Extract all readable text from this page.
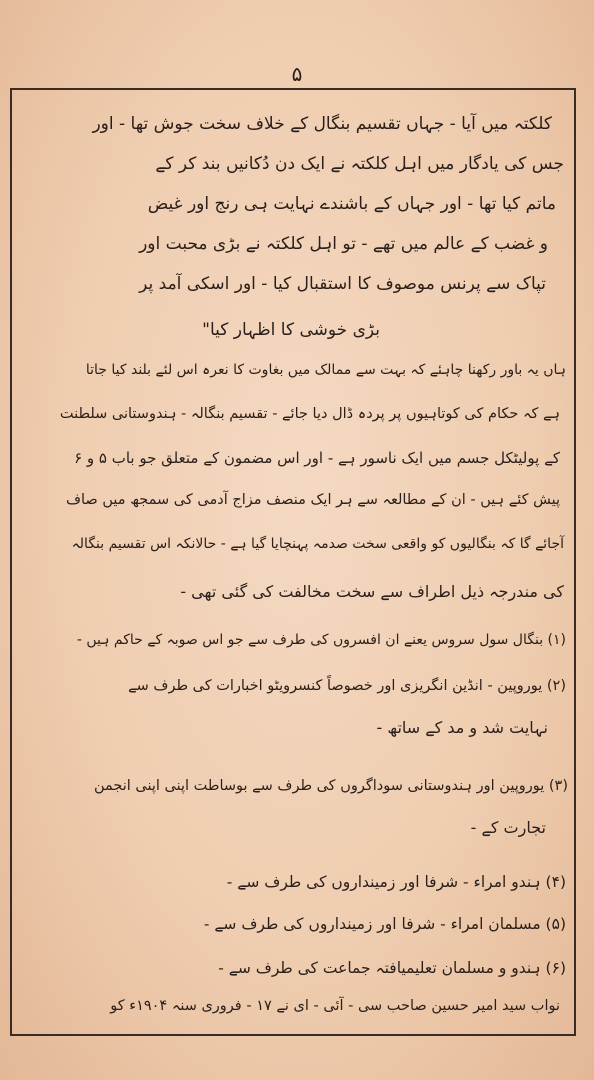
۵
کلکتہ میں آیا - جہاں تقسیم بنگال کے خلاف سخت جوش تھا - اور
جس کی یادگار میں اہل کلکتہ نے ایک دن دُکانیں بند کر کے
ماتم کیا تھا - اور جہاں کے باشندے نہایت ہی رنج اور غیض
و غضب کے عالم میں تھے - تو اہل کلکتہ نے بڑی محبت اور
تپاک سے پرنس موصوف کا استقبال کیا - اور اسکی آمد پر
بڑی خوشی کا اظہار کیا"
ہاں یہ باور رکھنا چاہئے کہ بہت سے ممالک میں بغاوت کا نعرہ اس لئے بلند کیا جاتا
ہے کہ حکام کی کوتاہیوں پر پردہ ڈال دیا جائے - تقسیم بنگالہ - ہندوستانی سلطنت
کے پولیٹکل جسم میں ایک ناسور ہے - اور اس مضمون کے متعلق جو باب ۵ و ۶
پیش کئے ہیں - ان کے مطالعہ سے ہر ایک منصف مزاج آدمی کی سمجھ میں صاف
آجائے گا کہ بنگالیوں کو واقعی سخت صدمہ پہنچایا گیا ہے - حالانکہ اس تقسیم بنگالہ
کی مندرجہ ذیل اطراف سے سخت مخالفت کی گئی تھی -
(۱) بنگال سول سروس یعنے ان افسروں کی طرف سے جو اس صوبہ کے حاکم ہیں -
(۲) یوروپین - انڈین انگریزی اور خصوصاً کنسرویٹو اخبارات کی طرف سے
نہایت شد و مد کے ساتھ -
(۳) یوروپین اور ہندوستانی سوداگروں کی طرف سے بوساطت اپنی اپنی انجمن
تجارت کے -
(۴) ہندو امراء - شرفا اور زمینداروں کی طرف سے -
(۵) مسلمان امراء - شرفا اور زمینداروں کی طرف سے -
(۶) ہندو و مسلمان تعلیمیافتہ جماعت کی طرف سے -
نواب سید امیر حسین صاحب سی - آئی - ای نے ۱۷ - فروری سنہ ۱۹۰۴ء کو
